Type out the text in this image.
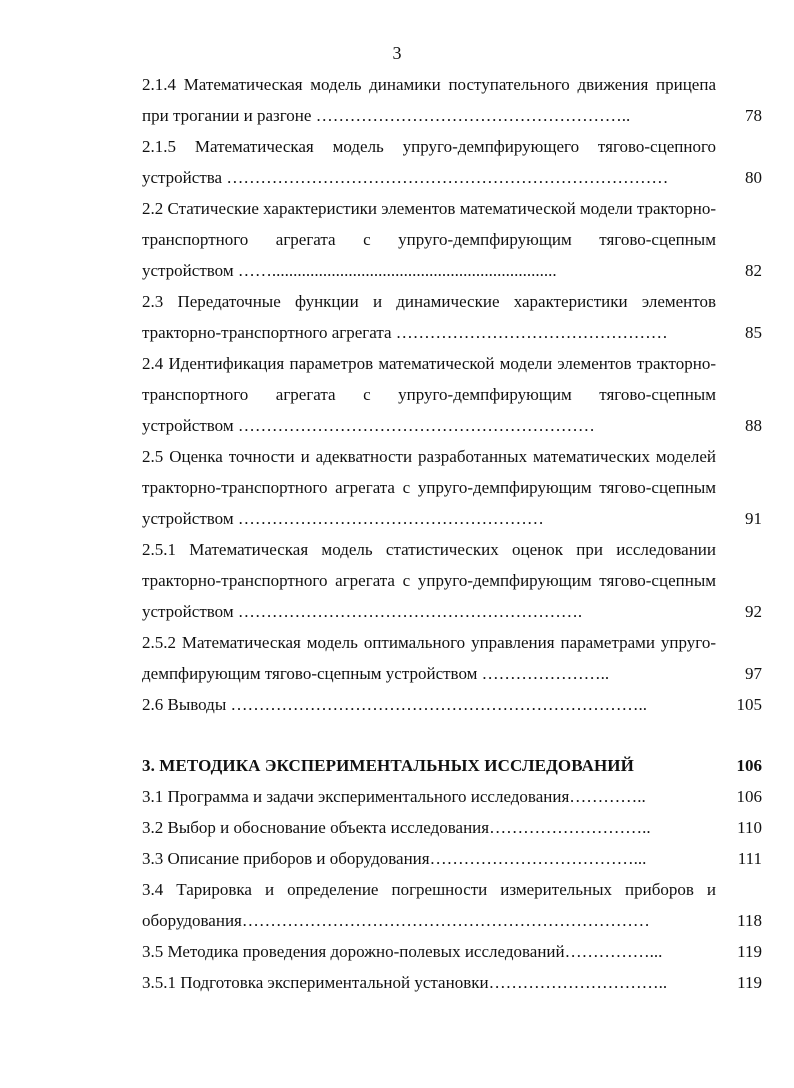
3
2.1.4 Математическая модель динамики поступательного движения прицепа при трогании и разгоне ………………………………………………..	78
2.1.5 Математическая модель упруго-демпфирующего тягово-сцепного устройства ……………………………………………………………………	80
2.2 Статические характеристики элементов математической модели тракторно-транспортного агрегата с упруго-демпфирующим тягово-сцепным устройством ……...................................................................	82
2.3 Передаточные функции и динамические характеристики элементов тракторно-транспортного агрегата …………………………………………	85
2.4 Идентификация параметров математической модели элементов тракторно-транспортного агрегата с упруго-демпфирующим тягово-сцепным устройством ………………………………………………………	88
2.5 Оценка точности и адекватности разработанных математических моделей тракторно-транспортного агрегата с упруго-демпфирующим тягово-сцепным устройством ………………………………………………	91
2.5.1 Математическая модель статистических оценок при исследовании тракторно-транспортного агрегата с упруго-демпфирующим тягово-сцепным устройством …………………………………………………….	92
2.5.2 Математическая модель оптимального управления параметрами упруго-демпфирующим тягово-сцепным устройством …………………..	97
2.6 Выводы ………………………………………………………………..	105
3. МЕТОДИКА ЭКСПЕРИМЕНТАЛЬНЫХ ИССЛЕДОВАНИЙ	106
3.1 Программа и задачи экспериментального исследования…………..	106
3.2 Выбор и обоснование объекта исследования………………………..	110
3.3 Описание приборов и оборудования………………………………...	111
3.4 Тарировка и определение погрешности измерительных приборов и оборудования………………………………………………………………	118
3.5 Методика проведения дорожно-полевых исследований……………...	119
3.5.1 Подготовка экспериментальной установки…………………………..	119
